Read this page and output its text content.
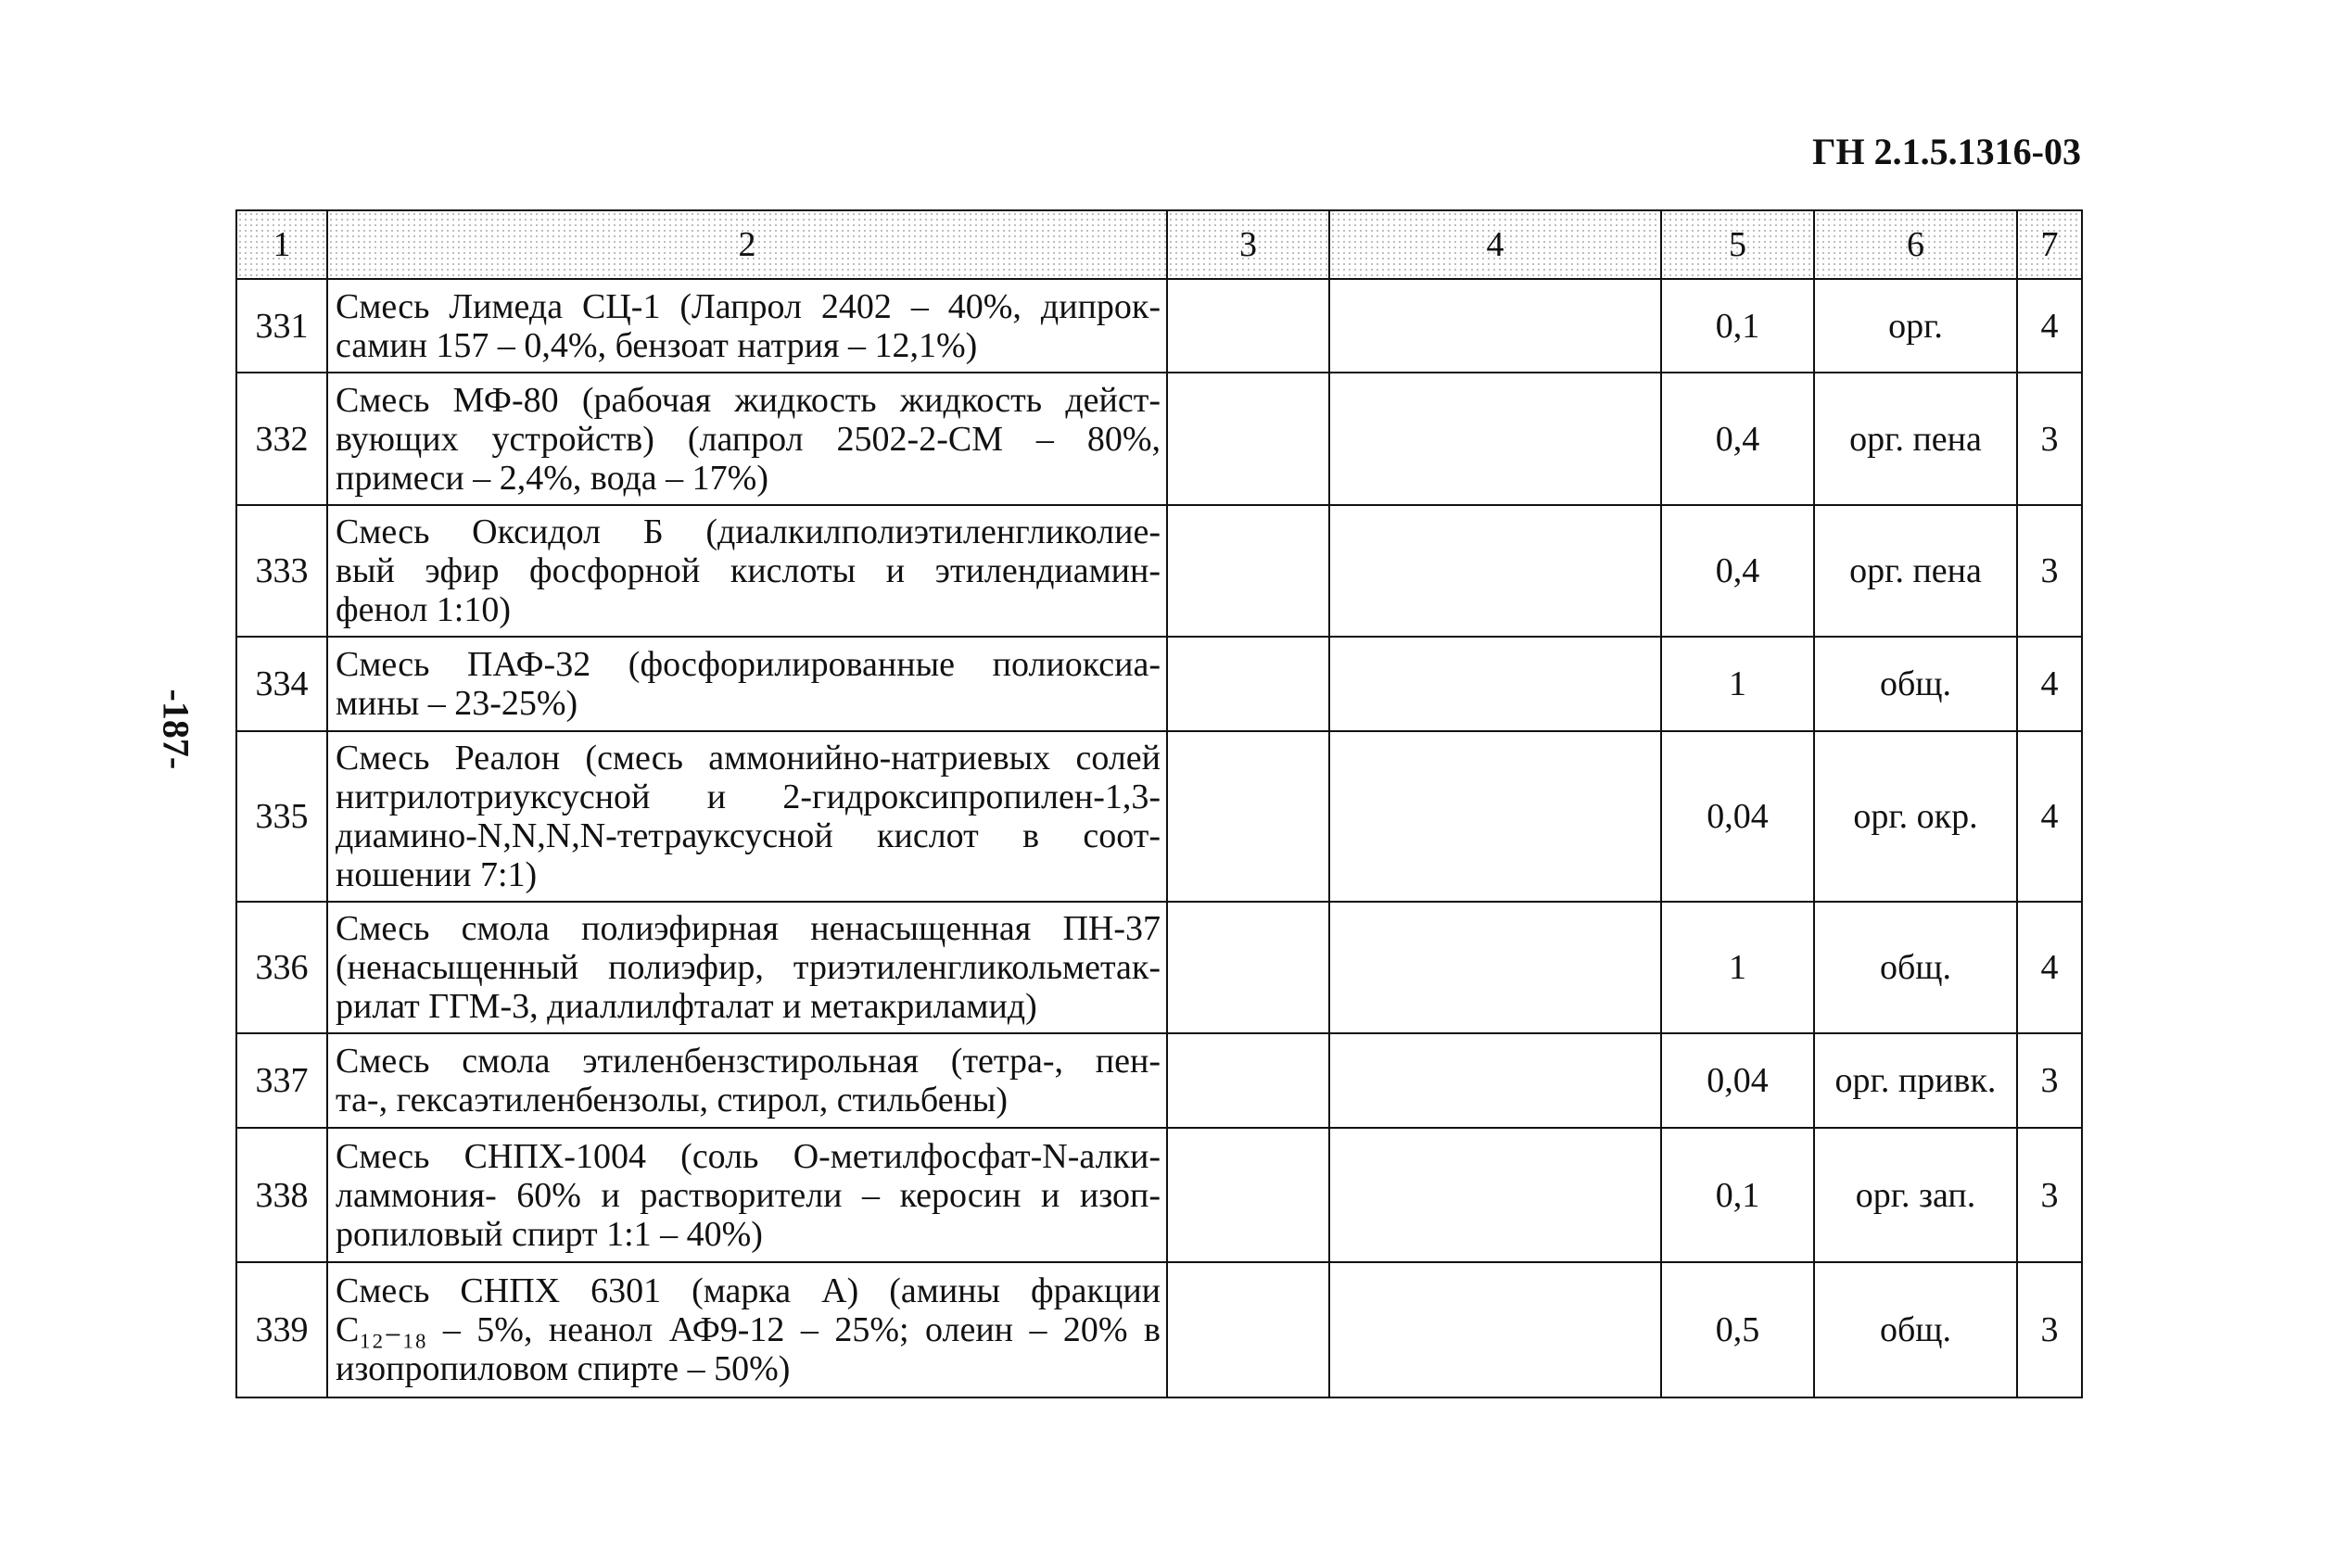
ГН 2.1.5.1316-03
-187-
1	2	3	4	5	6	7
331	Смесь Лимеда СЦ-1 (Лапрол 2402 – 40%, дипрок-
самин 157 – 0,4%, бензоат натрия – 12,1%)			0,1	орг.	4
332	Смесь МФ-80 (рабочая жидкость жидкость дейст-
вующих устройств) (лапрол 2502-2-СМ – 80%,
примеси – 2,4%, вода – 17%)			0,4	орг. пена	3
333	Смесь Оксидол Б (диалкилполиэтиленгликолие-
вый эфир фосфорной кислоты и этилендиамин-
фенол 1:10)			0,4	орг. пена	3
334	Смесь ПАФ-32 (фосфорилированные полиоксиа-
мины – 23-25%)			1	общ.	4
335	Смесь Реалон (смесь аммонийно-натриевых солей
нитрилотриуксусной и 2-гидроксипропилен-1,3-
диамино-N,N,N,N-тетрауксусной кислот в соот-
ношении 7:1)			0,04	орг. окр.	4
336	Смесь смола полиэфирная ненасыщенная ПН-37
(ненасыщенный полиэфир, триэтиленгликольметак-
рилат ГГМ-3, диаллилфталат и метакриламид)			1	общ.	4
337	Смесь смола этиленбензстирольная (тетра-, пен-
та-, гексаэтиленбензолы, стирол, стильбены)			0,04	орг. привк.	3
338	Смесь СНПХ-1004 (соль О-метилфосфат-N-алки-
ламмония- 60% и растворители – керосин и изоп-
ропиловый спирт 1:1 – 40%)			0,1	орг. зап.	3
339	Смесь СНПХ 6301 (марка А) (амины фракции
C₁₂₋₁₈ – 5%, неанол АФ9-12 – 25%; олеин – 20% в
изопропиловом спирте – 50%)			0,5	общ.	3
